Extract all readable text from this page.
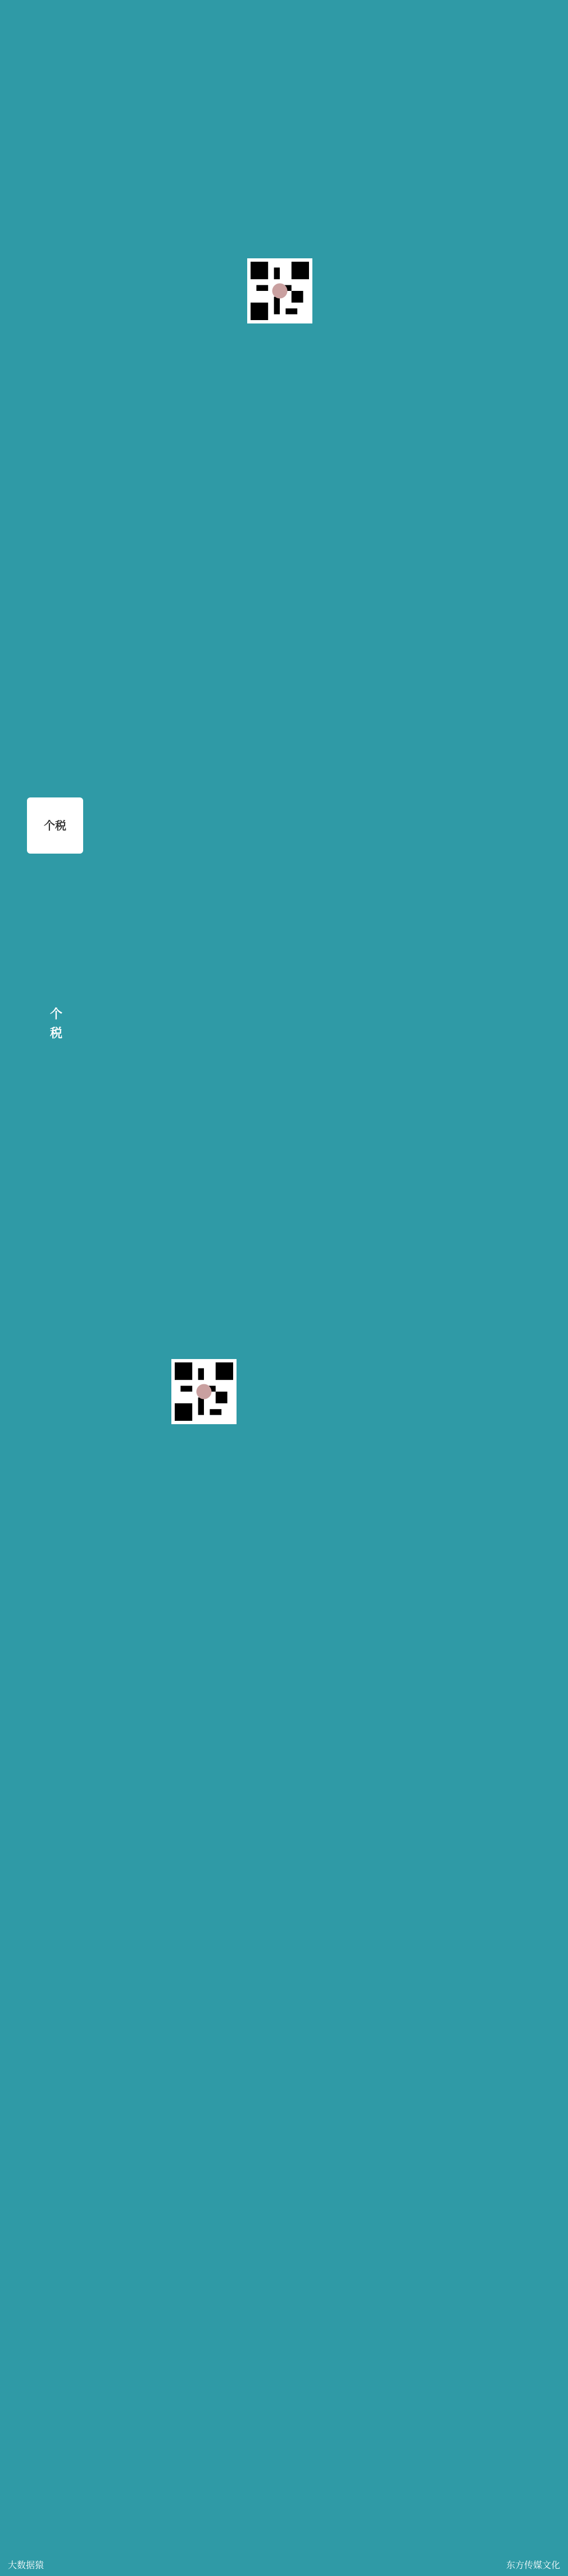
个税
个
税
大数据猿	东方传媒文化
